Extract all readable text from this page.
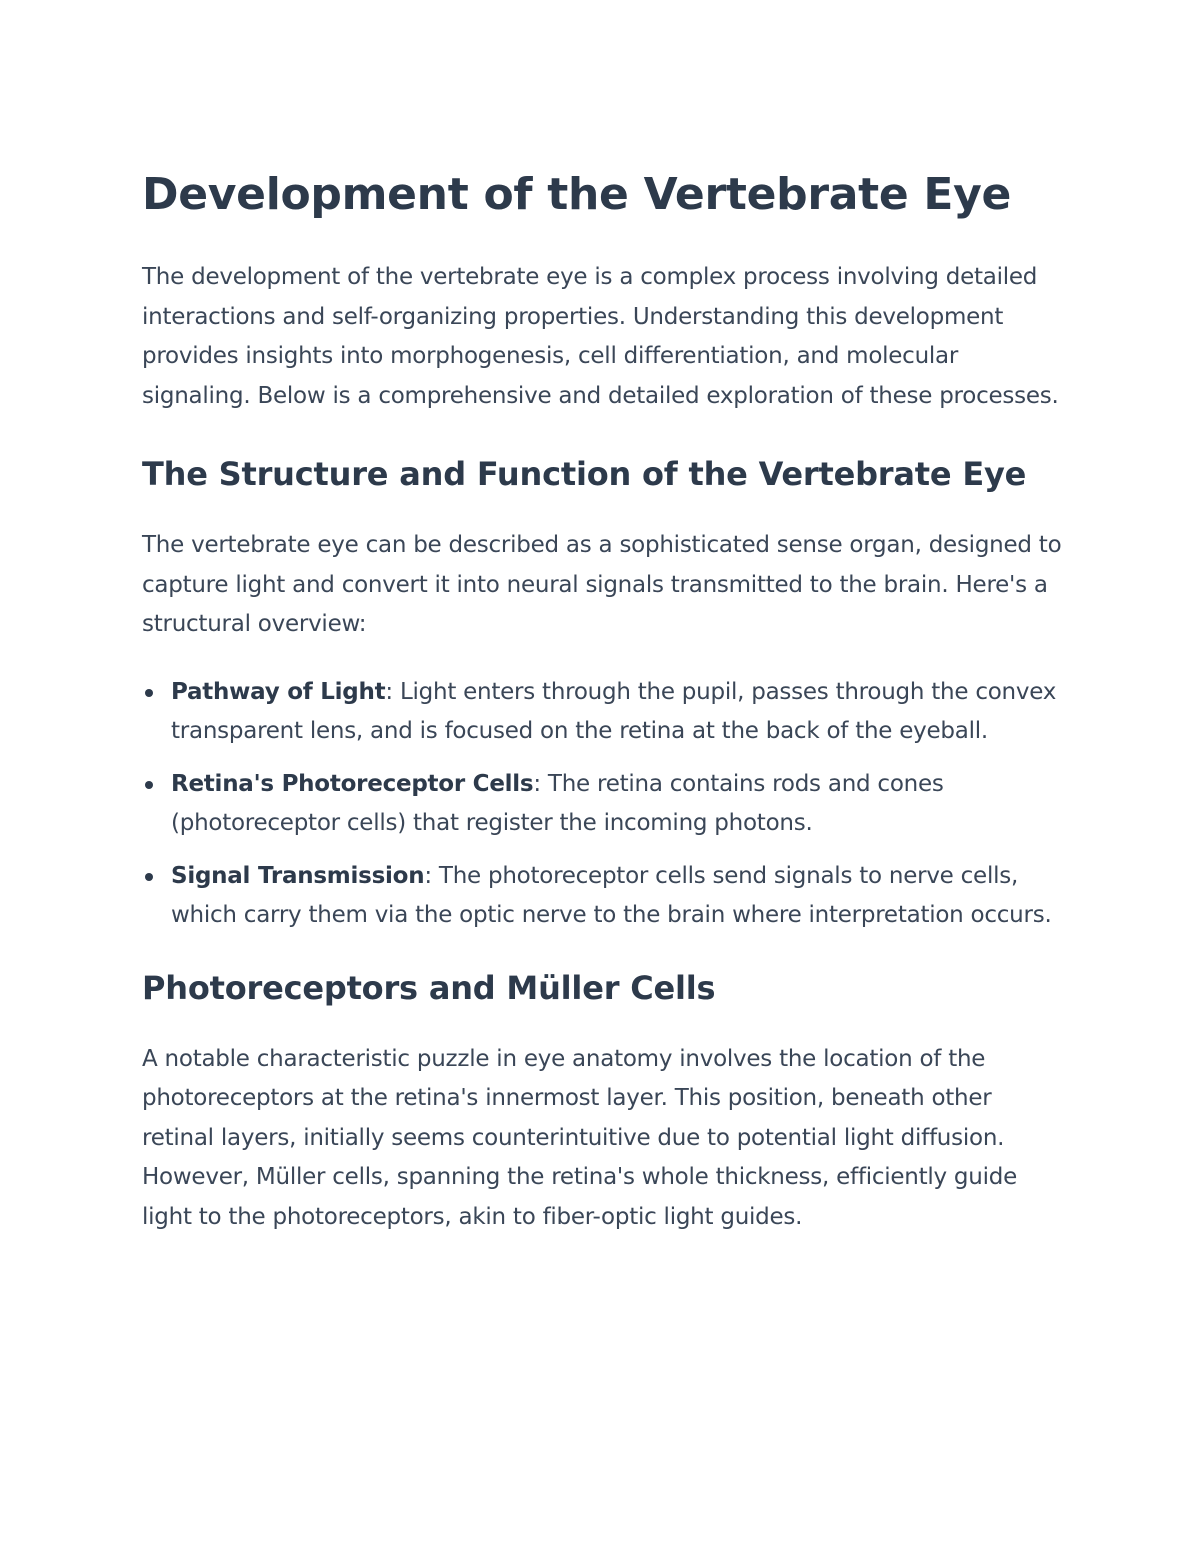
Development of the Vertebrate Eye

The development of the vertebrate eye is a complex process involving detailed interactions and self-organizing properties. Understanding this development provides insights into morphogenesis, cell differentiation, and molecular signaling. Below is a comprehensive and detailed exploration of these processes.

The Structure and Function of the Vertebrate Eye

The vertebrate eye can be described as a sophisticated sense organ, designed to capture light and convert it into neural signals transmitted to the brain. Here's a structural overview:

Pathway of Light: Light enters through the pupil, passes through the convex transparent lens, and is focused on the retina at the back of the eyeball.
Retina's Photoreceptor Cells: The retina contains rods and cones (photoreceptor cells) that register the incoming photons.
Signal Transmission: The photoreceptor cells send signals to nerve cells, which carry them via the optic nerve to the brain where interpretation occurs.
Photoreceptors and Müller Cells

A notable characteristic puzzle in eye anatomy involves the location of the photoreceptors at the retina's innermost layer. This position, beneath other retinal layers, initially seems counterintuitive due to potential light diffusion. However, Müller cells, spanning the retina's whole thickness, efficiently guide light to the photoreceptors, akin to fiber-optic light guides.
